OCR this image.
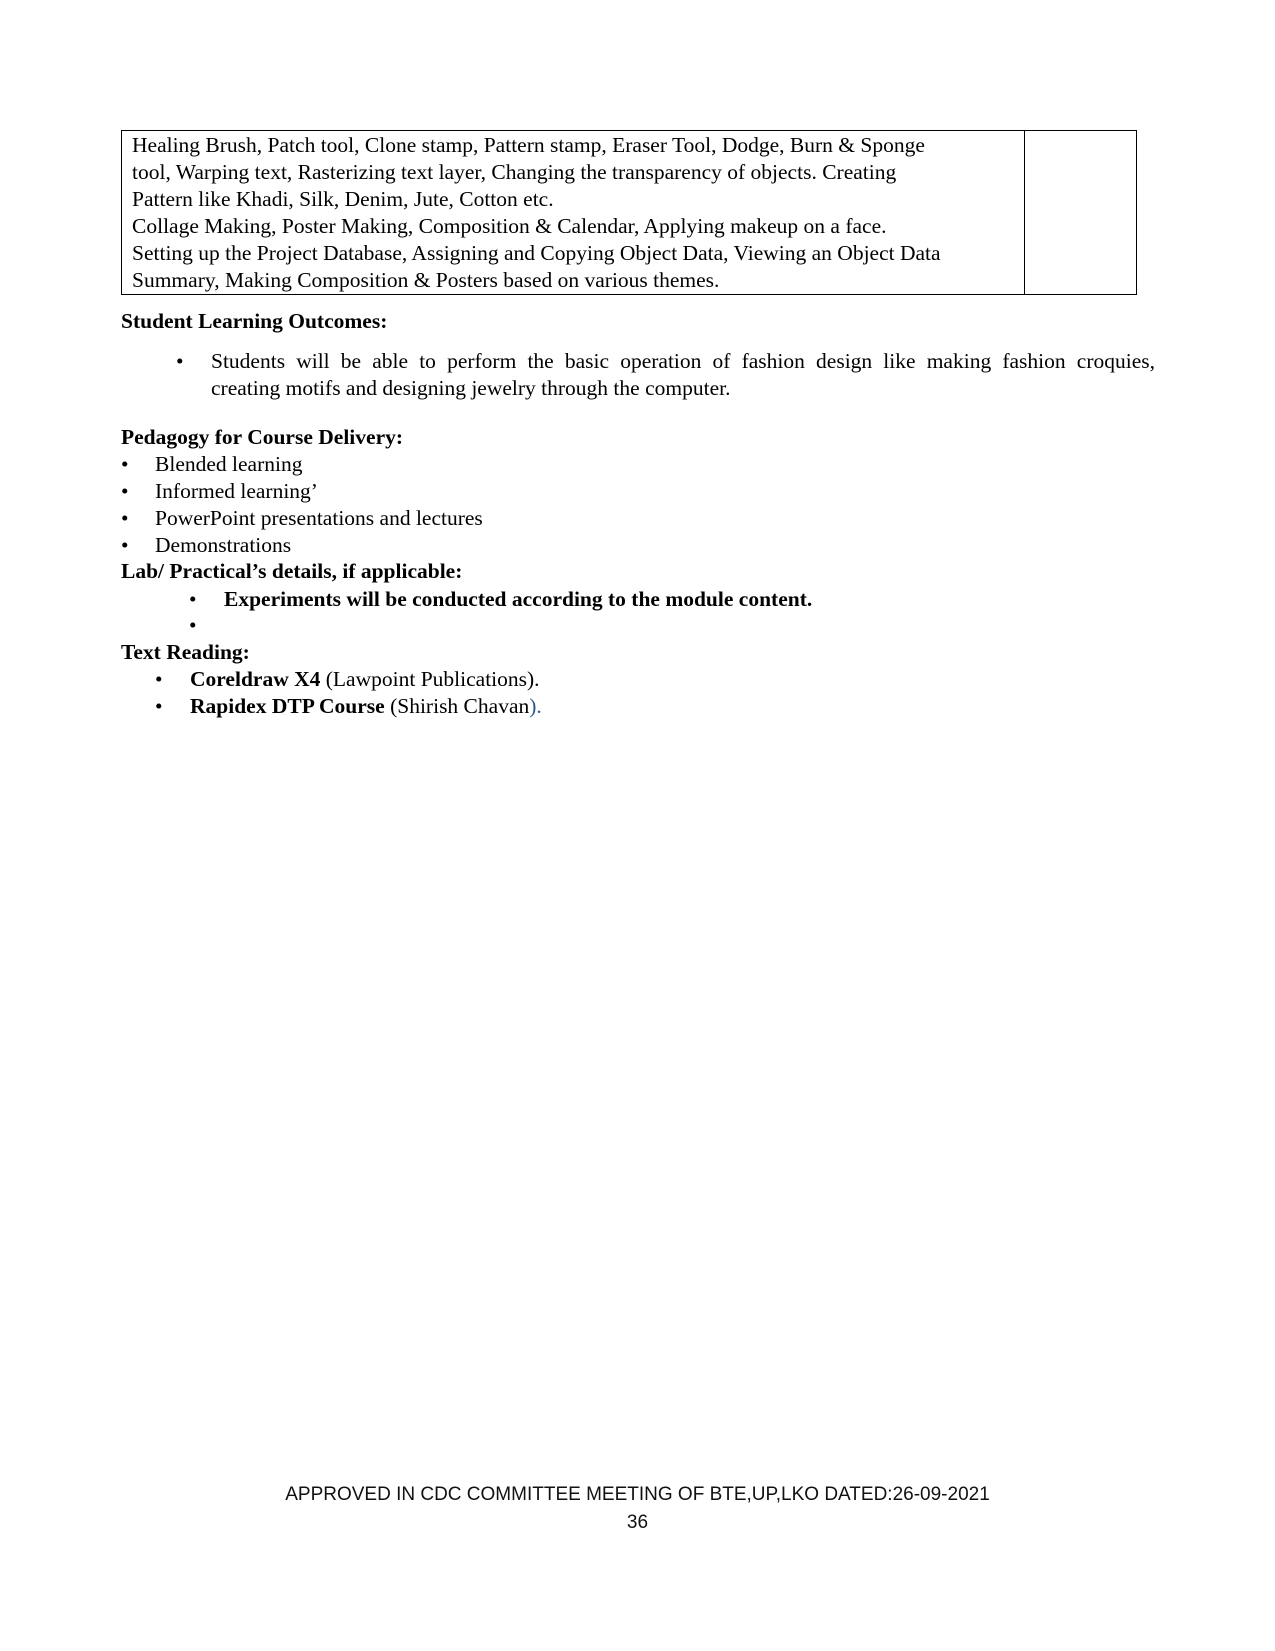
Healing Brush, Patch tool, Clone stamp, Pattern stamp, Eraser Tool, Dodge, Burn & Sponge
tool, Warping text, Rasterizing text layer, Changing the transparency of objects. Creating
Pattern like Khadi, Silk, Denim, Jute, Cotton etc.
Collage Making, Poster Making, Composition & Calendar, Applying makeup on a face.
Setting up the Project Database, Assigning and Copying Object Data, Viewing an Object Data
Summary, Making Composition & Posters based on various themes.

Student Learning Outcomes:
•	Students will be able to perform the basic operation of fashion design like making fashion croquies,
creating motifs and designing jewelry through the computer.
Pedagogy for Course Delivery:
•	Blended learning
•	Informed learning’
•	PowerPoint presentations and lectures
•	Demonstrations
Lab/ Practical’s details, if applicable:
•	Experiments will be conducted according to the module content.
•
Text Reading:
•	Coreldraw X4 (Lawpoint Publications).
•	Rapidex DTP Course (Shirish Chavan).
APPROVED IN CDC COMMITTEE MEETING OF BTE,UP,LKO DATED:26-09-2021
36
